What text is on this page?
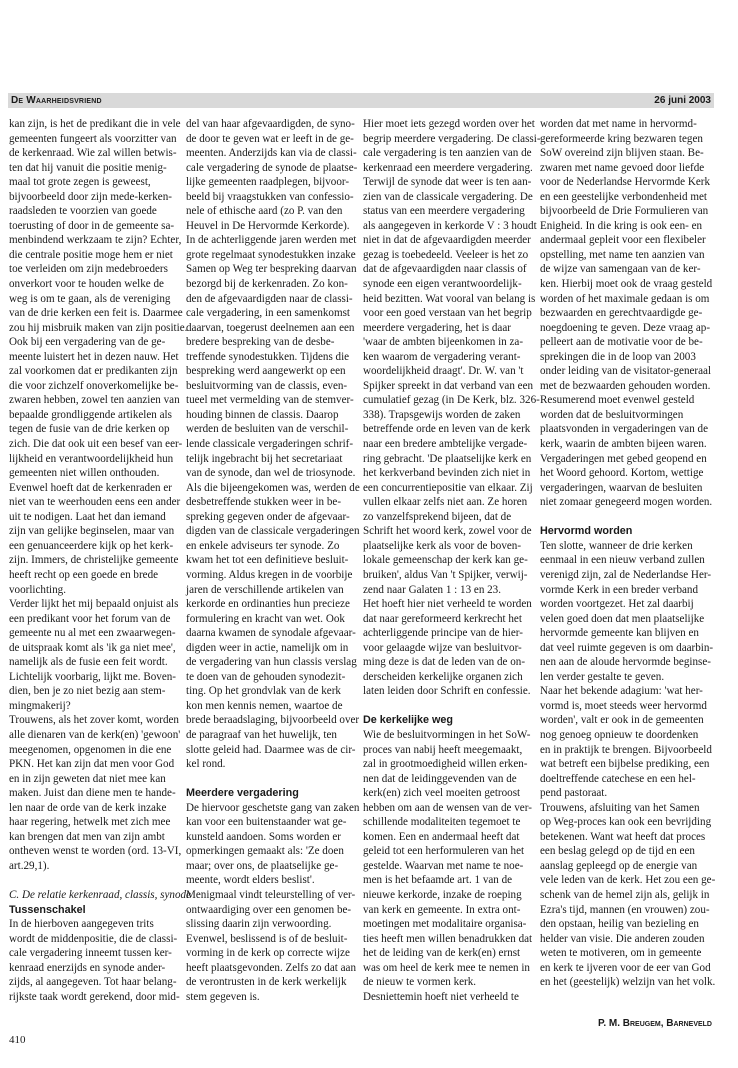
De Waarheidsvriend	26 juni 2003

kan zijn, is het de predikant die in vele

gemeenten fungeert als voorzitter van

de kerkenraad. Wie zal willen betwis-

ten dat hij vanuit die positie menig-

maal tot grote zegen is geweest,

bijvoorbeeld door zijn mede-kerken-

raadsleden te voorzien van goede

toerusting of door in de gemeente sa-

menbindend werkzaam te zijn? Echter,

die centrale positie moge hem er niet

toe verleiden om zijn medebroeders

onverkort voor te houden welke de

weg is om te gaan, als de vereniging

van de drie kerken een feit is. Daarmee

zou hij misbruik maken van zijn positie.

Ook bij een vergadering van de ge-

meente luistert het in dezen nauw. Het

zal voorkomen dat er predikanten zijn

die voor zichzelf onoverkomelijke be-

zwaren hebben, zowel ten aanzien van

bepaalde grondliggende artikelen als

tegen de fusie van de drie kerken op

zich. Die dat ook uit een besef van eer-

lijkheid en verantwoordelijkheid hun

gemeenten niet willen onthouden.

Evenwel hoeft dat de kerkenraden er

niet van te weerhouden eens een ander

uit te nodigen. Laat het dan iemand

zijn van gelijke beginselen, maar van

een genuanceerdere kijk op het kerk-

zijn. Immers, de christelijke gemeente

heeft recht op een goede en brede

voorlichting.

Verder lijkt het mij bepaald onjuist als

een predikant voor het forum van de

gemeente nu al met een zwaarwegen-

de uitspraak komt als 'ik ga niet mee',

namelijk als de fusie een feit wordt.

Lichtelijk voorbarig, lijkt me. Boven-

dien, ben je zo niet bezig aan stem-

mingmakerij?

Trouwens, als het zover komt, worden

alle dienaren van de kerk(en) 'gewoon'

meegenomen, opgenomen in die ene

PKN. Het kan zijn dat men voor God

en in zijn geweten dat niet mee kan

maken. Juist dan diene men te hande-

len naar de orde van de kerk inzake

haar regering, hetwelk met zich mee

kan brengen dat men van zijn ambt

ontheven wenst te worden (ord. 13-VI,

art.29,1).

C. De relatie kerkenraad, classis, synode

Tussenschakel

In de hierboven aangegeven trits

wordt de middenpositie, die de classi-

cale vergadering inneemt tussen ker-

kenraad enerzijds en synode ander-

zijds, al aangegeven. Tot haar belang-

rijkste taak wordt gerekend, door mid-

del van haar afgevaardigden, de syno-

de door te geven wat er leeft in de ge-

meenten. Anderzijds kan via de classi-

cale vergadering de synode de plaatse-

lijke gemeenten raadplegen, bijvoor-

beeld bij vraagstukken van confessio-

nele of ethische aard (zo P. van den

Heuvel in De Hervormde Kerkorde).

In de achterliggende jaren werden met

grote regelmaat synodestukken inzake

Samen op Weg ter bespreking daarvan

bezorgd bij de kerkenraden. Zo kon-

den de afgevaardigden naar de classi-

cale vergadering, in een samenkomst

daarvan, toegerust deelnemen aan een

bredere bespreking van de desbe-

treffende synodestukken. Tijdens die

bespreking werd aangewerkt op een

besluitvorming van de classis, even-

tueel met vermelding van de stemver-

houding binnen de classis. Daarop

werden de besluiten van de verschil-

lende classicale vergaderingen schrif-

telijk ingebracht bij het secretariaat

van de synode, dan wel de triosynode.

Als die bijeengekomen was, werden de

desbetreffende stukken weer in be-

spreking gegeven onder de afgevaar-

digden van de classicale vergaderingen

en enkele adviseurs ter synode. Zo

kwam het tot een definitieve besluit-

vorming. Aldus kregen in de voorbije

jaren de verschillende artikelen van

kerkorde en ordinanties hun precieze

formulering en kracht van wet. Ook

daarna kwamen de synodale afgevaar-

digden weer in actie, namelijk om in

de vergadering van hun classis verslag

te doen van de gehouden synodezit-

ting. Op het grondvlak van de kerk

kon men kennis nemen, waartoe de

brede beraadslaging, bijvoorbeeld over

de paragraaf van het huwelijk, ten

slotte geleid had. Daarmee was de cir-

kel rond.

Meerdere vergadering

De hiervoor geschetste gang van zaken

kan voor een buitenstaander wat ge-

kunsteld aandoen. Soms worden er

opmerkingen gemaakt als: 'Ze doen

maar; over ons, de plaatselijke ge-

meente, wordt elders beslist'.

Menigmaal vindt teleurstelling of ver-

ontwaardiging over een genomen be-

slissing daarin zijn verwoording.

Evenwel, beslissend is of de besluit-

vorming in de kerk op correcte wijze

heeft plaatsgevonden. Zelfs zo dat aan

de verontrusten in de kerk werkelijk

stem gegeven is.

Hier moet iets gezegd worden over het

begrip meerdere vergadering. De classi-

cale vergadering is ten aanzien van de

kerkenraad een meerdere vergadering.

Terwijl de synode dat weer is ten aan-

zien van de classicale vergadering. De

status van een meerdere vergadering

als aangegeven in kerkorde V : 3 houdt

niet in dat de afgevaardigden meerder

gezag is toebedeeld. Veeleer is het zo

dat de afgevaardigden naar classis of

synode een eigen verantwoordelijk-

heid bezitten. Wat vooral van belang is

voor een goed verstaan van het begrip

meerdere vergadering, het is daar

'waar de ambten bijeenkomen in za-

ken waarom de vergadering verant-

woordelijkheid draagt'. Dr. W. van 't

Spijker spreekt in dat verband van een

cumulatief gezag (in De Kerk, blz. 326-

338). Trapsgewijs worden de zaken

betreffende orde en leven van de kerk

naar een bredere ambtelijke vergade-

ring gebracht. 'De plaatselijke kerk en

het kerkverband bevinden zich niet in

een concurrentiepositie van elkaar. Zij

vullen elkaar zelfs niet aan. Ze horen

zo vanzelfsprekend bijeen, dat de

Schrift het woord kerk, zowel voor de

plaatselijke kerk als voor de boven-

lokale gemeenschap der kerk kan ge-

bruiken', aldus Van 't Spijker, verwij-

zend naar Galaten 1 : 13 en 23.

Het hoeft hier niet verheeld te worden

dat naar gereformeerd kerkrecht het

achterliggende principe van de hier-

voor gelaagde wijze van besluitvor-

ming deze is dat de leden van de on-

derscheiden kerkelijke organen zich

laten leiden door Schrift en confessie.

De kerkelijke weg

Wie de besluitvormingen in het SoW-

proces van nabij heeft meegemaakt,

zal in grootmoedigheid willen erken-

nen dat de leidinggevenden van de

kerk(en) zich veel moeiten getroost

hebben om aan de wensen van de ver-

schillende modaliteiten tegemoet te

komen. Een en andermaal heeft dat

geleid tot een herformuleren van het

gestelde. Waarvan met name te noe-

men is het befaamde art. 1 van de

nieuwe kerkorde, inzake de roeping

van kerk en gemeente. In extra ont-

moetingen met modalitaire organisa-

ties heeft men willen benadrukken dat

het de leiding van de kerk(en) ernst

was om heel de kerk mee te nemen in

de nieuw te vormen kerk.

Desniettemin hoeft niet verheeld te

worden dat met name in hervormd-

gereformeerde kring bezwaren tegen

SoW overeind zijn blijven staan. Be-

zwaren met name gevoed door liefde

voor de Nederlandse Hervormde Kerk

en een geestelijke verbondenheid met

bijvoorbeeld de Drie Formulieren van

Enigheid. In die kring is ook een- en

andermaal gepleit voor een flexibeler

opstelling, met name ten aanzien van

de wijze van samengaan van de ker-

ken. Hierbij moet ook de vraag gesteld

worden of het maximale gedaan is om

bezwaarden en gerechtvaardigde ge-

noegdoening te geven. Deze vraag ap-

pelleert aan de motivatie voor de be-

sprekingen die in de loop van 2003

onder leiding van de visitator-generaal

met de bezwaarden gehouden worden.

Resumerend moet evenwel gesteld

worden dat de besluitvormingen

plaatsvonden in vergaderingen van de

kerk, waarin de ambten bijeen waren.

Vergaderingen met gebed geopend en

het Woord gehoord. Kortom, wettige

vergaderingen, waarvan de besluiten

niet zomaar genegeerd mogen worden.

Hervormd worden

Ten slotte, wanneer de drie kerken

eenmaal in een nieuw verband zullen

verenigd zijn, zal de Nederlandse Her-

vormde Kerk in een breder verband

worden voortgezet. Het zal daarbij

velen goed doen dat men plaatselijke

hervormde gemeente kan blijven en

dat veel ruimte gegeven is om daarbin-

nen aan de aloude hervormde beginse-

len verder gestalte te geven.

Naar het bekende adagium: 'wat her-

vormd is, moet steeds weer hervormd

worden', valt er ook in de gemeenten

nog genoeg opnieuw te doordenken

en in praktijk te brengen. Bijvoorbeeld

wat betreft een bijbelse prediking, een

doeltreffende catechese en een hel-

pend pastoraat.

Trouwens, afsluiting van het Samen

op Weg-proces kan ook een bevrijding

betekenen. Want wat heeft dat proces

een beslag gelegd op de tijd en een

aanslag gepleegd op de energie van

vele leden van de kerk. Het zou een ge-

schenk van de hemel zijn als, gelijk in

Ezra's tijd, mannen (en vrouwen) zou-

den opstaan, heilig van bezieling en

helder van visie. Die anderen zouden

weten te motiveren, om in gemeente

en kerk te ijveren voor de eer van God

en het (geestelijk) welzijn van het volk.

P. M. Breugem, Barneveld
410
